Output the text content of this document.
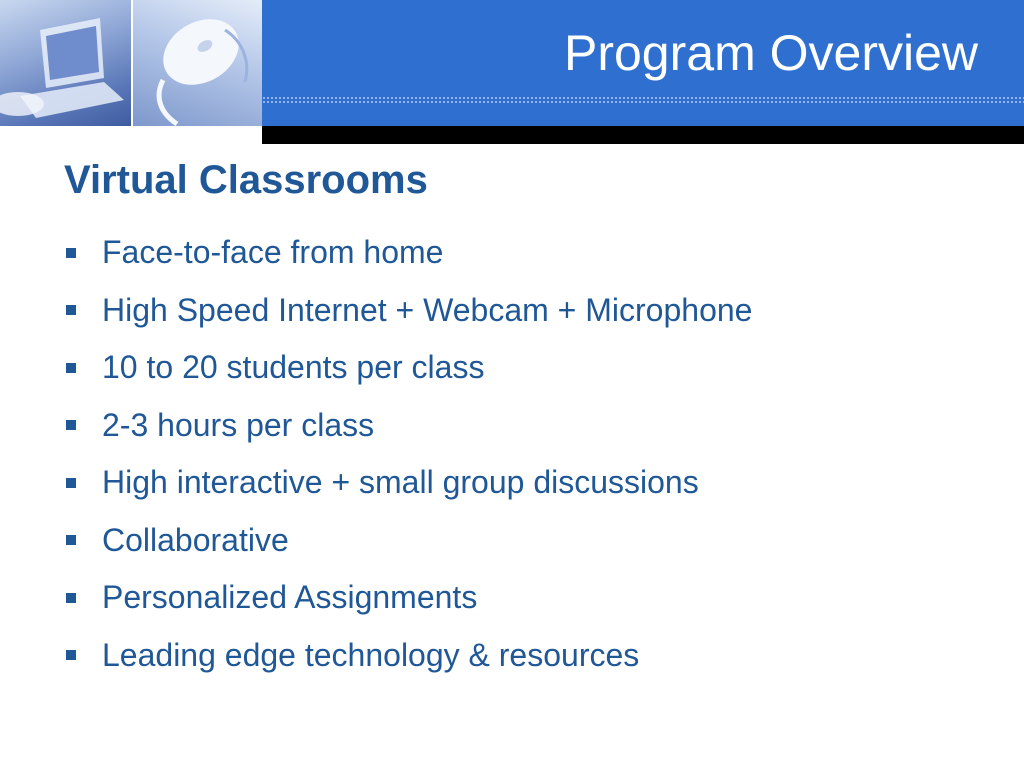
Program Overview
Virtual Classrooms
Face-to-face from home
High Speed Internet + Webcam + Microphone
10 to 20 students per class
2-3 hours per class
High interactive + small group discussions
Collaborative
Personalized Assignments
Leading edge technology & resources
